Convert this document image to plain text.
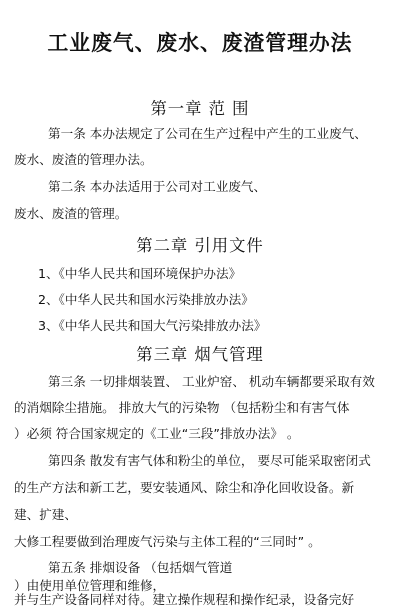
工业废气、废水、废渣管理办法
第一章 范 围
第一条 本办法规定了公司在生产过程中产生的工业废气、
废水、废渣的管理办法。
第二条 本办法适用于公司对工业废气、
废水、废渣的管理。
第二章 引用文件
1、《中华人民共和国环境保护办法》
2、《中华人民共和国水污染排放办法》
3、《中华人民共和国大气污染排放办法》
第三章 烟气管理
第三条 一切排烟装置、 工业炉窑、 机动车辆都要采取有效
的消烟除尘措施。 排放大气的污染物 （包括粉尘和有害气体
）必须 符合国家规定的《工业“三段”排放办法》 。
第四条 散发有害气体和粉尘的单位， 要尽可能采取密闭式
的生产方法和新工艺，要安装通风、除尘和净化回收设备。新
建、扩建、
大修工程要做到治理废气污染与主体工程的“三同时” 。
第五条 排烟设备 （包括烟气管道
）由使用单位管理和维修，
并与生产设备同样对待。建立操作规程和操作纪录，设备完好
